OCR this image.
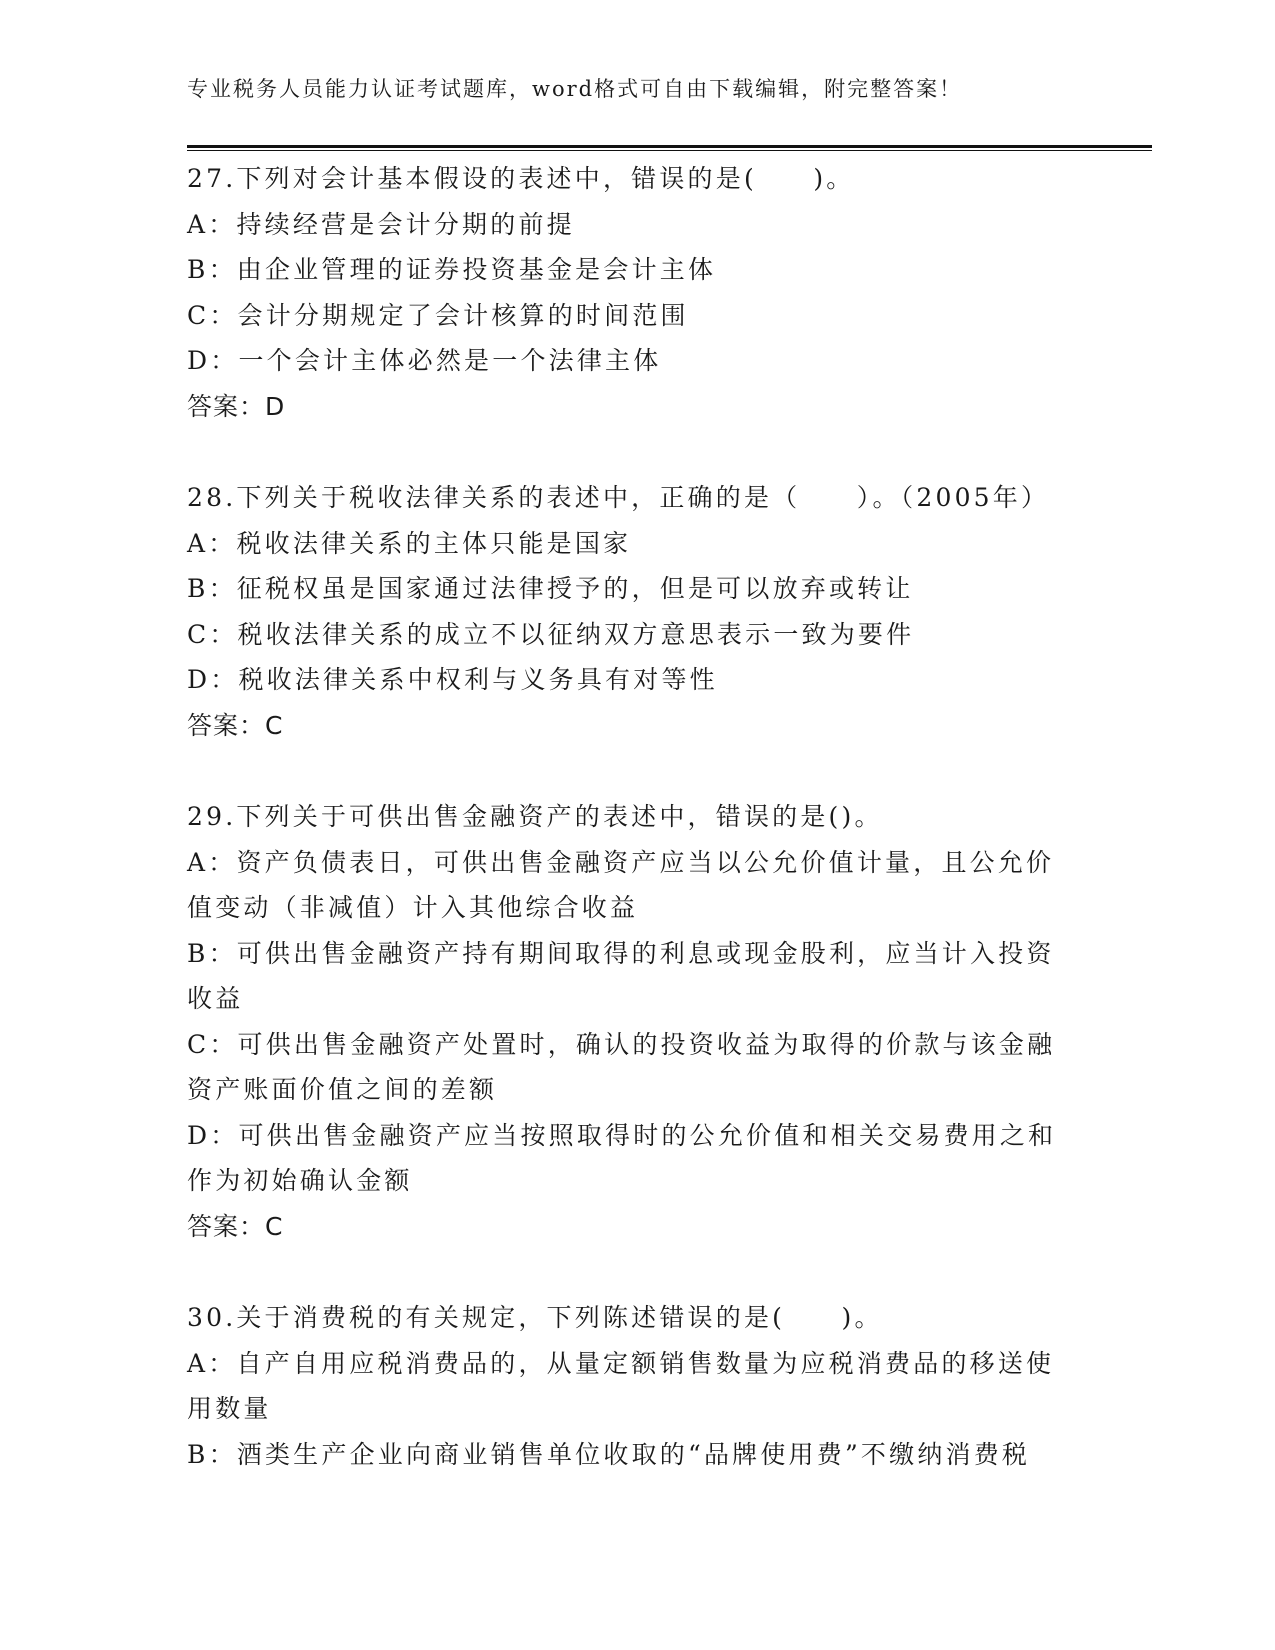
专业税务人员能力认证考试题库，word格式可自由下载编辑，附完整答案！
27.下列对会计基本假设的表述中，错误的是(　　)。
A：持续经营是会计分期的前提
B：由企业管理的证券投资基金是会计主体
C：会计分期规定了会计核算的时间范围
D：一个会计主体必然是一个法律主体
答案：D
28.下列关于税收法律关系的表述中，正确的是（　　）。（2005年）
A：税收法律关系的主体只能是国家
B：征税权虽是国家通过法律授予的，但是可以放弃或转让
C：税收法律关系的成立不以征纳双方意思表示一致为要件
D：税收法律关系中权利与义务具有对等性
答案：C
29.下列关于可供出售金融资产的表述中，错误的是()。
A：资产负债表日，可供出售金融资产应当以公允价值计量，且公允价
值变动（非减值）计入其他综合收益
B：可供出售金融资产持有期间取得的利息或现金股利，应当计入投资
收益
C：可供出售金融资产处置时，确认的投资收益为取得的价款与该金融
资产账面价值之间的差额
D：可供出售金融资产应当按照取得时的公允价值和相关交易费用之和
作为初始确认金额
答案：C
30.关于消费税的有关规定，下列陈述错误的是(　　)。
A：自产自用应税消费品的，从量定额销售数量为应税消费品的移送使
用数量
B：酒类生产企业向商业销售单位收取的“品牌使用费”不缴纳消费税
